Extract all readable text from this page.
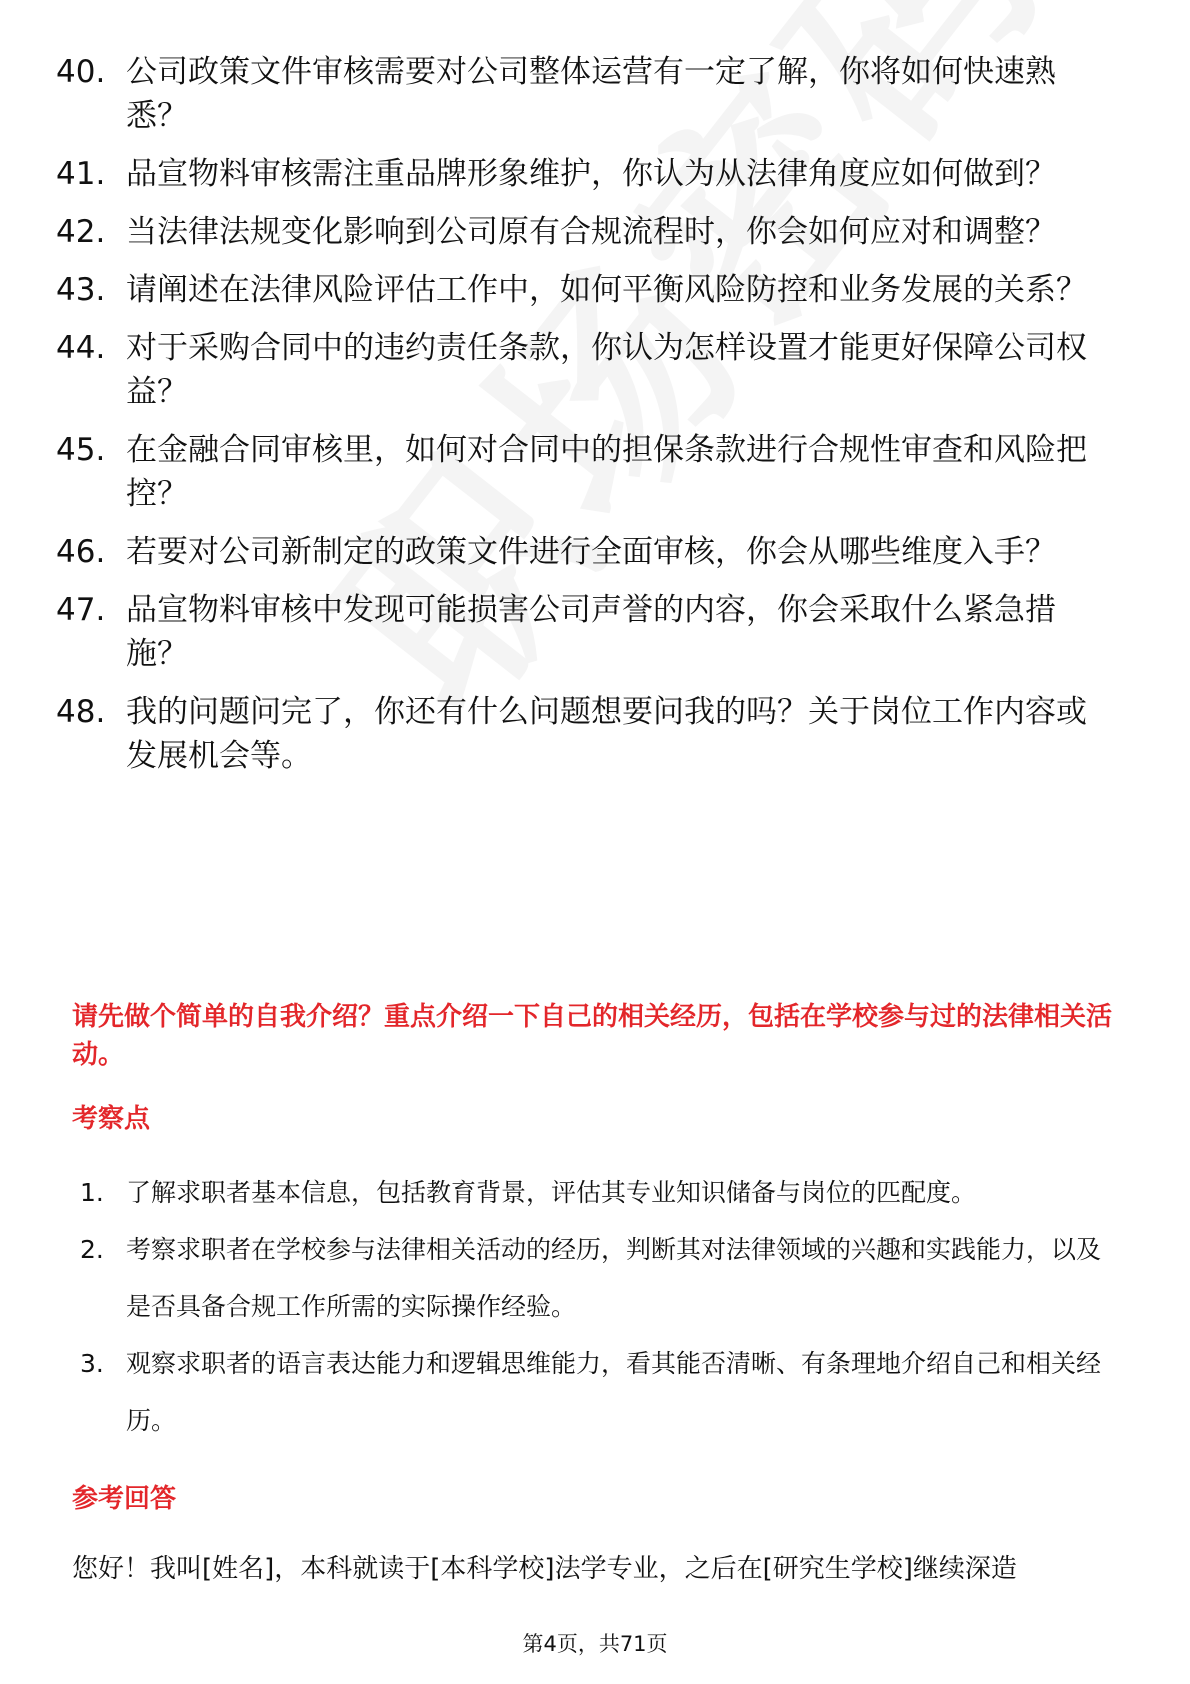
40. 公司政策文件审核需要对公司整体运营有一定了解，你将如何快速熟悉？
41. 品宣物料审核需注重品牌形象维护，你认为从法律角度应如何做到？
42. 当法律法规变化影响到公司原有合规流程时，你会如何应对和调整？
43. 请阐述在法律风险评估工作中，如何平衡风险防控和业务发展的关系？
44. 对于采购合同中的违约责任条款，你认为怎样设置才能更好保障公司权益？
45. 在金融合同审核里，如何对合同中的担保条款进行合规性审查和风险把控？
46. 若要对公司新制定的政策文件进行全面审核，你会从哪些维度入手？
47. 品宣物料审核中发现可能损害公司声誉的内容，你会采取什么紧急措施？
48. 我的问题问完了，你还有什么问题想要问我的吗？关于岗位工作内容或发展机会等。
请先做个简单的自我介绍？重点介绍一下自己的相关经历，包括在学校参与过的法律相关活动。
考察点
1. 了解求职者基本信息，包括教育背景，评估其专业知识储备与岗位的匹配度。
2. 考察求职者在学校参与法律相关活动的经历，判断其对法律领域的兴趣和实践能力，以及是否具备合规工作所需的实际操作经验。
3. 观察求职者的语言表达能力和逻辑思维能力，看其能否清晰、有条理地介绍自己和相关经历。
参考回答
您好！我叫[姓名]，本科就读于[本科学校]法学专业，之后在[研究生学校]继续深造
第4页，共71页
